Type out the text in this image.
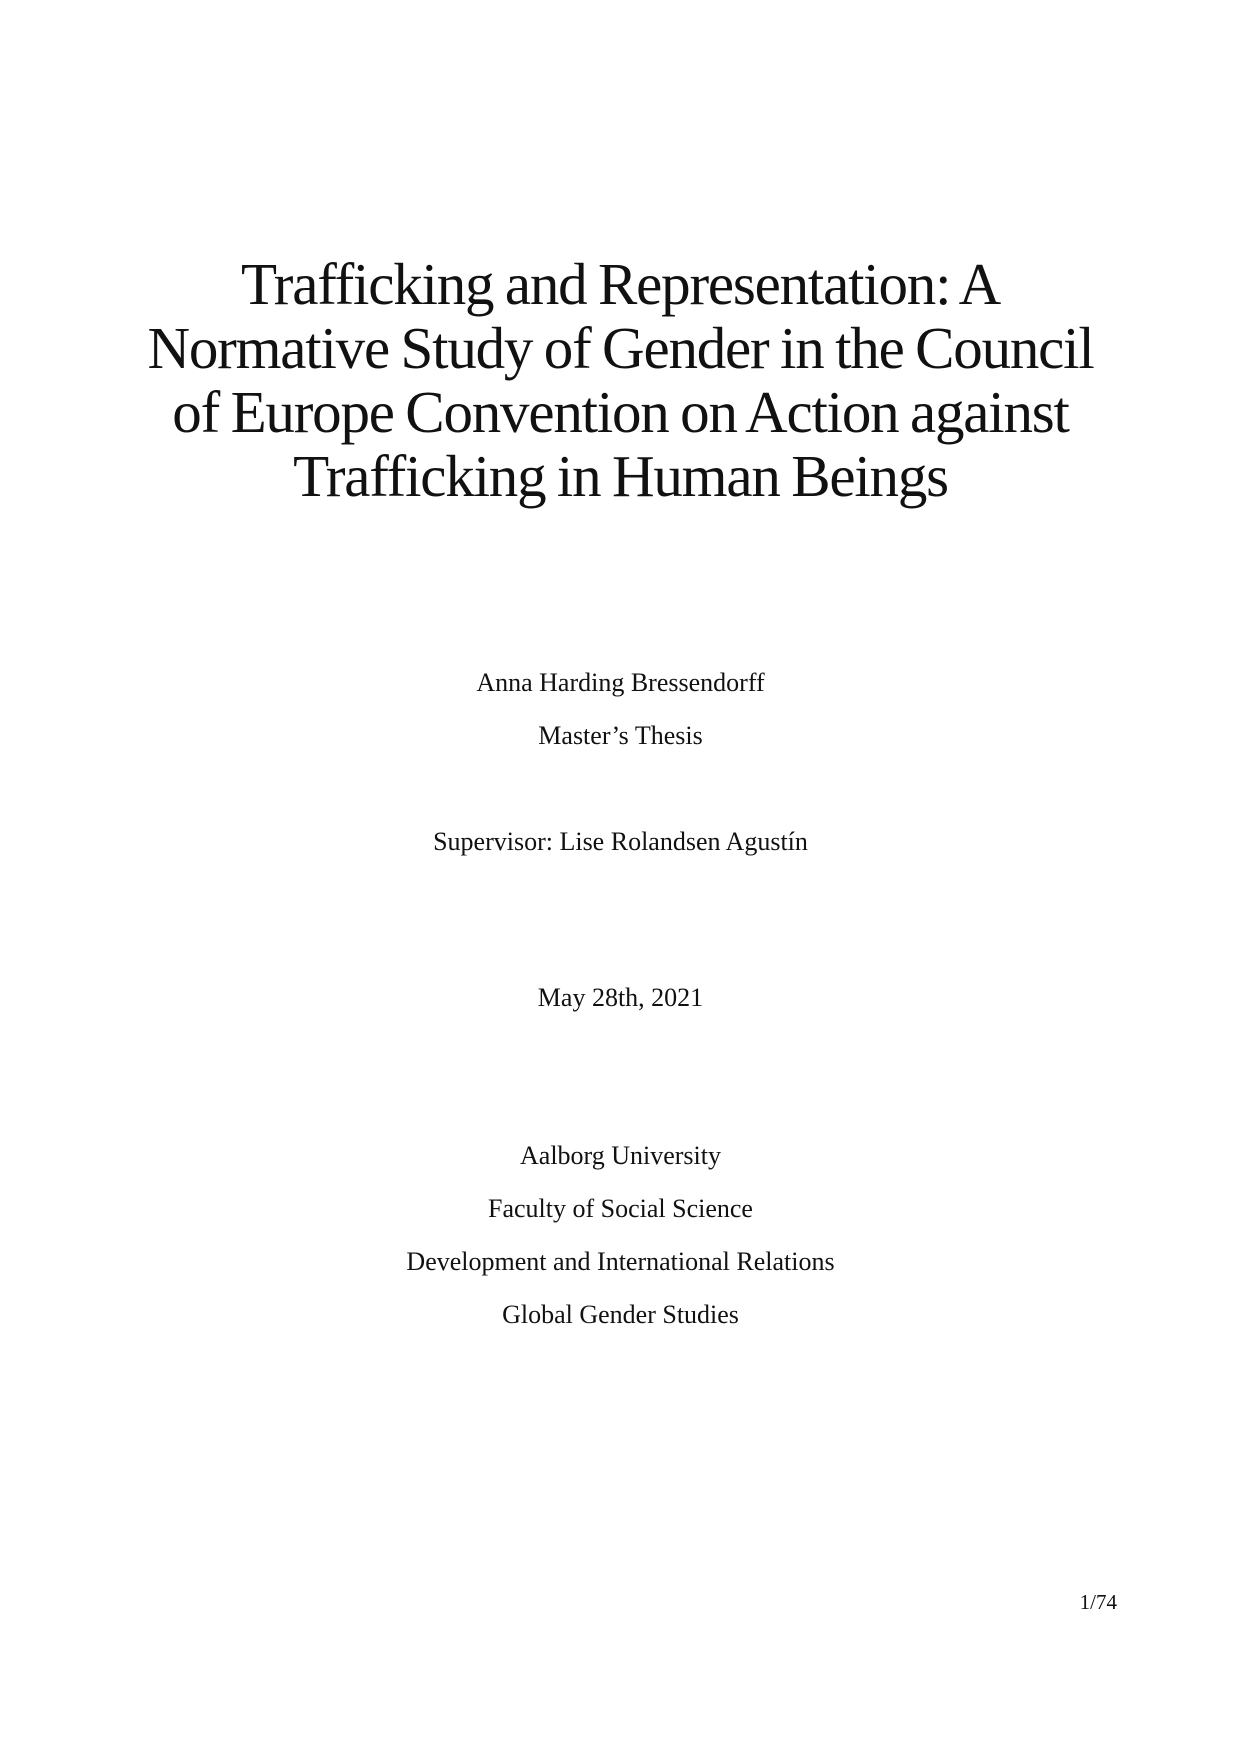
Trafficking and Representation: A
Normative Study of Gender in the Council
of Europe Convention on Action against
Trafficking in Human Beings

Anna Harding Bressendorff

Master’s Thesis

Supervisor: Lise Rolandsen Agustín

May 28th, 2021

Aalborg University

Faculty of Social Science

Development and International Relations

Global Gender Studies

1/74
